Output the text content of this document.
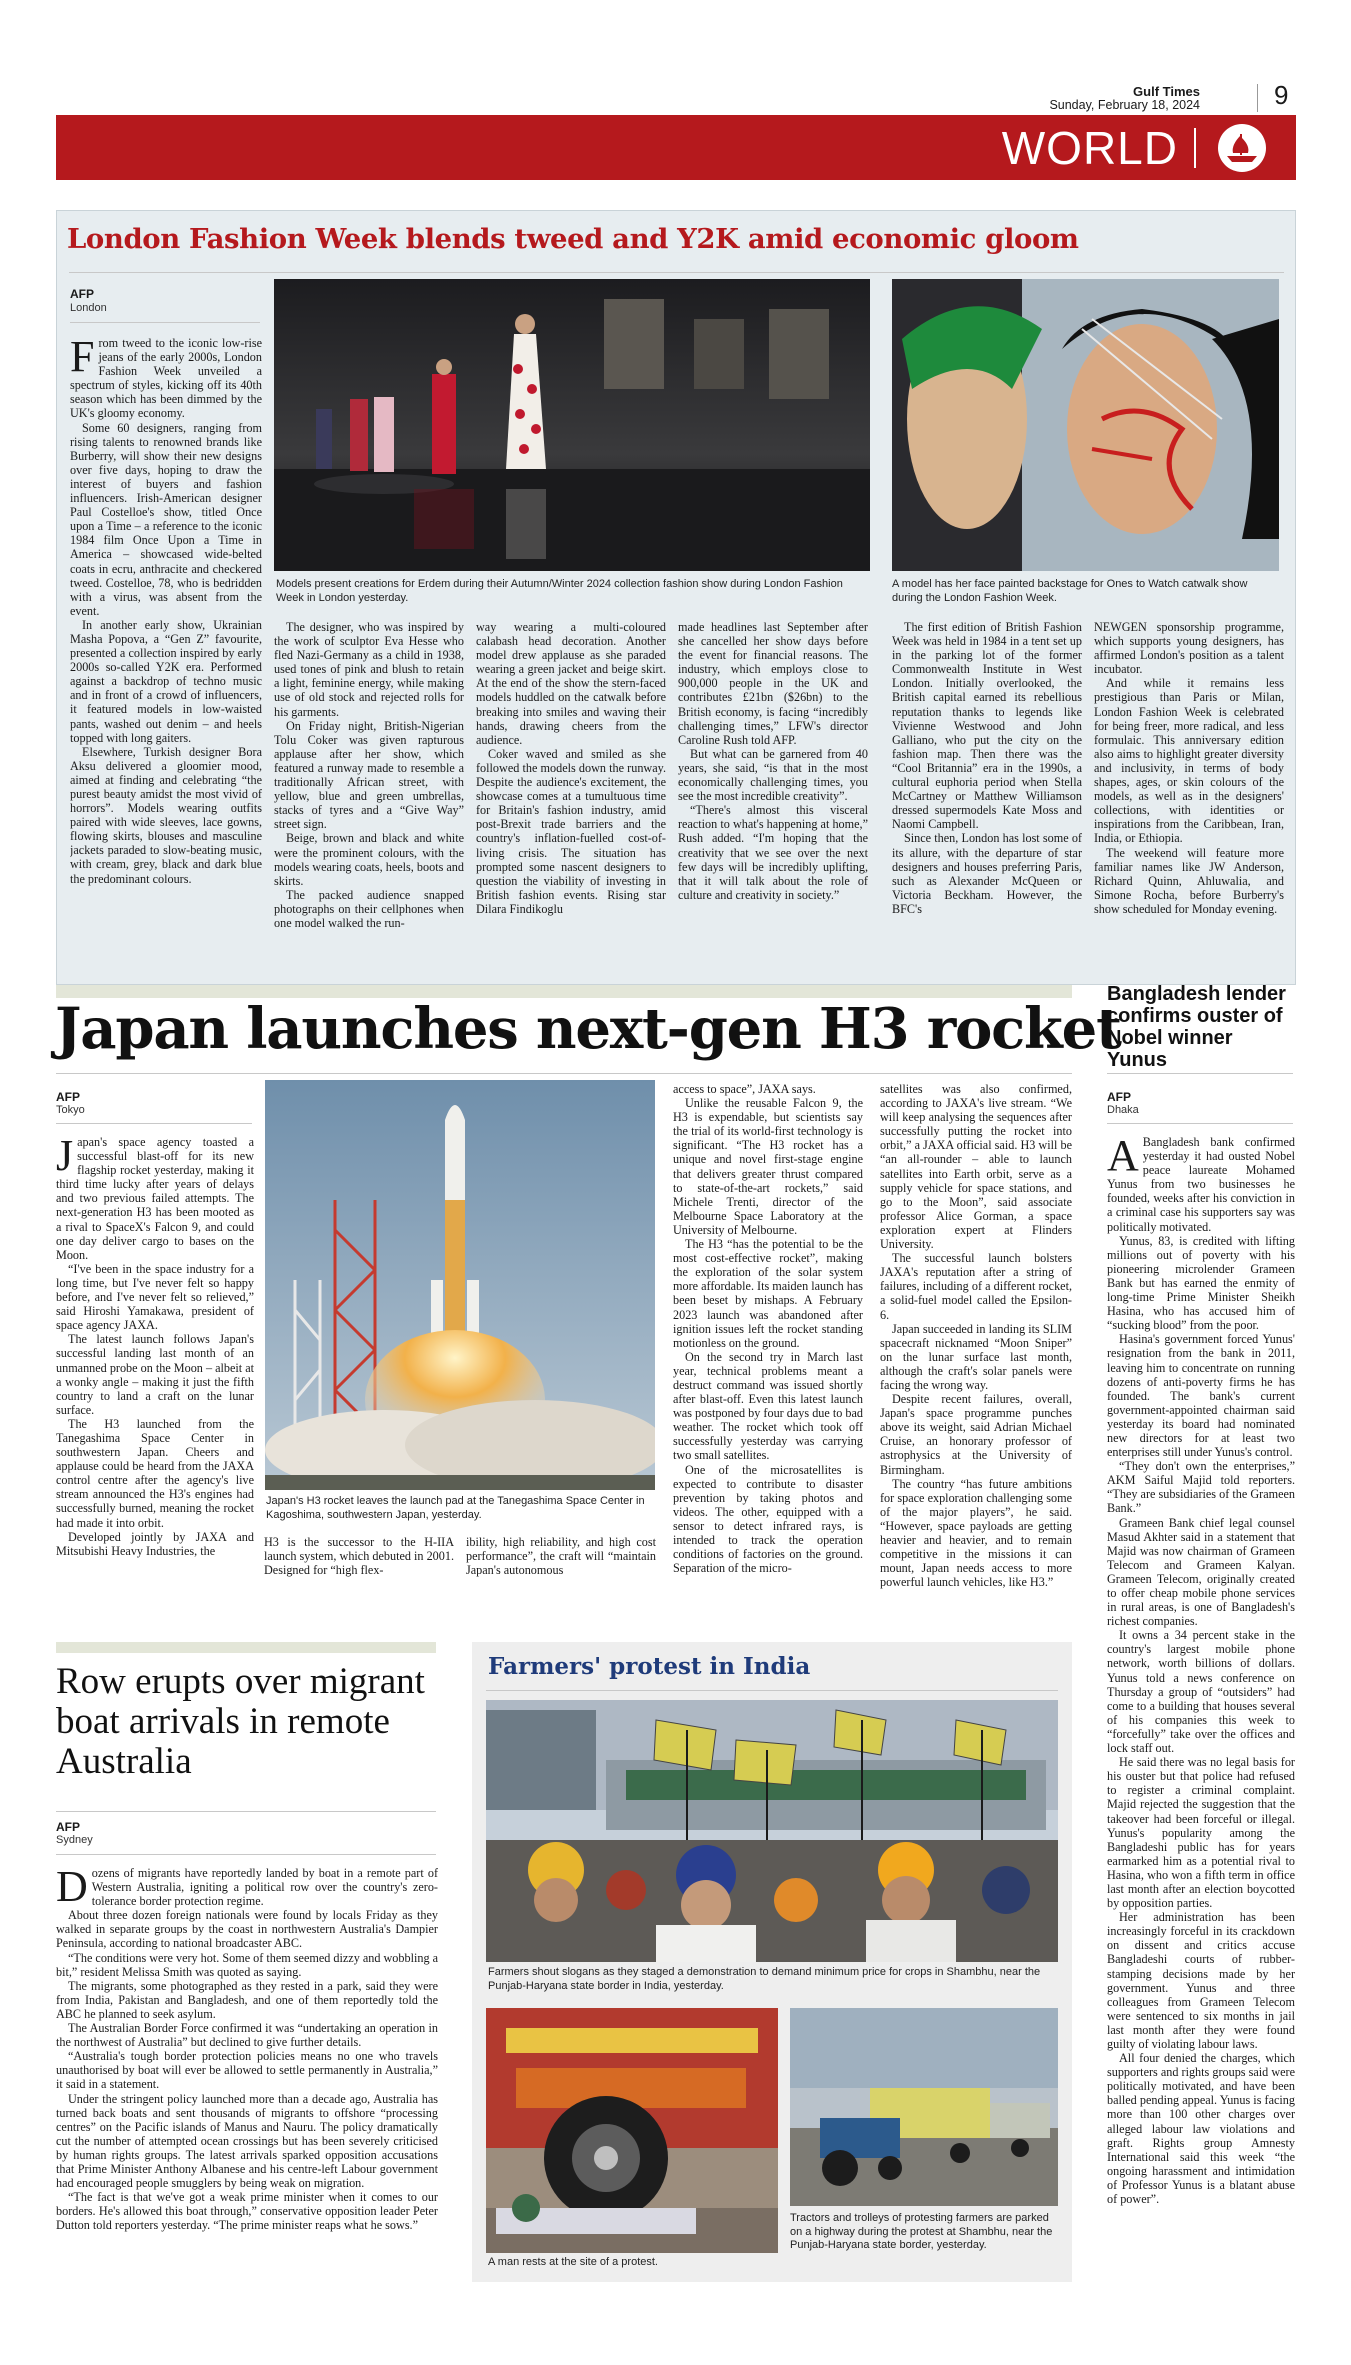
Gulf Times
Sunday, February 18, 2024	9
WORLD
London Fashion Week blends tweed and Y2K amid economic gloom
AFP
London

From tweed to the iconic low-rise jeans of the early 2000s, London Fashion Week unveiled a spectrum of styles, kicking off its 40th season which has been dimmed by the UK's gloomy economy.

Some 60 designers, ranging from rising talents to renowned brands like Burberry, will show their new designs over five days, hoping to draw the interest of buyers and fashion influencers. Irish-American designer Paul Costelloe's show, titled Once upon a Time – a reference to the iconic 1984 film Once Upon a Time in America – showcased wide-belted coats in ecru, anthracite and checkered tweed. Costelloe, 78, who is bedridden with a virus, was absent from the event.

In another early show, Ukrainian Masha Popova, a “Gen Z” favourite, presented a collection inspired by early 2000s so-called Y2K era. Performed against a backdrop of techno music and in front of a crowd of influencers, it featured models in low-waisted pants, washed out denim – and heels topped with long gaiters.

Elsewhere, Turkish designer Bora Aksu delivered a gloomier mood, aimed at finding and celebrating “the purest beauty amidst the most vivid of horrors”. Models wearing outfits paired with wide sleeves, lace gowns, flowing skirts, blouses and masculine jackets paraded to slow-beating music, with cream, grey, black and dark blue the predominant colours.

Models present creations for Erdem during their Autumn/Winter 2024 collection fashion show during London Fashion Week in London yesterday.
A model has her face painted backstage for Ones to Watch catwalk show during the London Fashion Week.

The designer, who was inspired by the work of sculptor Eva Hesse who fled Nazi-Germany as a child in 1938, used tones of pink and blush to retain a light, feminine energy, while making use of old stock and rejected rolls for his garments.

On Friday night, British-Nigerian Tolu Coker was given rapturous applause after her show, which featured a runway made to resemble a traditionally African street, with yellow, blue and green umbrellas, stacks of tyres and a “Give Way” street sign.

Beige, brown and black and white were the prominent colours, with the models wearing coats, heels, boots and skirts.

The packed audience snapped photographs on their cellphones when one model walked the run-

way wearing a multi-coloured calabash head decoration. Another model drew applause as she paraded wearing a green jacket and beige skirt. At the end of the show the stern-faced models huddled on the catwalk before breaking into smiles and waving their hands, drawing cheers from the audience.

Coker waved and smiled as she followed the models down the runway. Despite the audience's excitement, the showcase comes at a tumultuous time for Britain's fashion industry, amid post-Brexit trade barriers and the country's inflation-fuelled cost-of-living crisis. The situation has prompted some nascent designers to question the viability of investing in British fashion events. Rising star Dilara Findikoglu

made headlines last September after she cancelled her show days before the event for financial reasons. The industry, which employs close to 900,000 people in the UK and contributes £21bn ($26bn) to the British economy, is facing “incredibly challenging times,” LFW's director Caroline Rush told AFP.

But what can be garnered from 40 years, she said, “is that in the most economically challenging times, you see the most incredible creativity”.

“There's almost this visceral reaction to what's happening at home,” Rush added. “I'm hoping that the creativity that we see over the next few days will be incredibly uplifting, that it will talk about the role of culture and creativity in society.”

The first edition of British Fashion Week was held in 1984 in a tent set up in the parking lot of the former Commonwealth Institute in West London. Initially overlooked, the British capital earned its rebellious reputation thanks to legends like Vivienne Westwood and John Galliano, who put the city on the fashion map. Then there was the “Cool Britannia” era in the 1990s, a cultural euphoria period when Stella McCartney or Matthew Williamson dressed supermodels Kate Moss and Naomi Campbell.

Since then, London has lost some of its allure, with the departure of star designers and houses preferring Paris, such as Alexander McQueen or Victoria Beckham. However, the BFC's

NEWGEN sponsorship programme, which supports young designers, has affirmed London's position as a talent incubator.

And while it remains less prestigious than Paris or Milan, London Fashion Week is celebrated for being freer, more radical, and less formulaic. This anniversary edition also aims to highlight greater diversity and inclusivity, in terms of body shapes, ages, or skin colours of the models, as well as in the designers' collections, with identities or inspirations from the Caribbean, Iran, India, or Ethiopia.

The weekend will feature more familiar names like JW Anderson, Richard Quinn, Ahluwalia, and Simone Rocha, before Burberry's show scheduled for Monday evening.

Japan launches next-gen H3 rocket
AFP
Tokyo

Japan's space agency toasted a successful blast-off for its new flagship rocket yesterday, making it third time lucky after years of delays and two previous failed attempts. The next-generation H3 has been mooted as a rival to SpaceX's Falcon 9, and could one day deliver cargo to bases on the Moon.

“I've been in the space industry for a long time, but I've never felt so happy before, and I've never felt so relieved,” said Hiroshi Yamakawa, president of space agency JAXA.

The latest launch follows Japan's successful landing last month of an unmanned probe on the Moon – albeit at a wonky angle – making it just the fifth country to land a craft on the lunar surface.

The H3 launched from the Tanegashima Space Center in southwestern Japan. Cheers and applause could be heard from the JAXA control centre after the agency's live stream announced the H3's engines had successfully burned, meaning the rocket had made it into orbit.

Developed jointly by JAXA and Mitsubishi Heavy Industries, the

Japan's H3 rocket leaves the launch pad at the Tanegashima Space Center in Kagoshima, southwestern Japan, yesterday.

H3 is the successor to the H-IIA launch system, which debuted in 2001. Designed for “high flex-

ibility, high reliability, and high cost performance”, the craft will “maintain Japan's autonomous

access to space”, JAXA says.

Unlike the reusable Falcon 9, the H3 is expendable, but scientists say the trial of its world-first technology is significant. “The H3 rocket has a unique and novel first-stage engine that delivers greater thrust compared to state-of-the-art rockets,” said Michele Trenti, director of the Melbourne Space Laboratory at the University of Melbourne.

The H3 “has the potential to be the most cost-effective rocket”, making the exploration of the solar system more affordable. Its maiden launch has been beset by mishaps. A February 2023 launch was abandoned after ignition issues left the rocket standing motionless on the ground.

On the second try in March last year, technical problems meant a destruct command was issued shortly after blast-off. Even this latest launch was postponed by four days due to bad weather. The rocket which took off successfully yesterday was carrying two small satellites.

One of the microsatellites is expected to contribute to disaster prevention by taking photos and videos. The other, equipped with a sensor to detect infrared rays, is intended to track the operation conditions of factories on the ground. Separation of the micro-

satellites was also confirmed, according to JAXA's live stream. “We will keep analysing the sequences after successfully putting the rocket into orbit,” a JAXA official said. H3 will be “an all-rounder – able to launch satellites into Earth orbit, serve as a supply vehicle for space stations, and go to the Moon”, said associate professor Alice Gorman, a space exploration expert at Flinders University.

The successful launch bolsters JAXA's reputation after a string of failures, including of a different rocket, a solid-fuel model called the Epsilon-6.

Japan succeeded in landing its SLIM spacecraft nicknamed “Moon Sniper” on the lunar surface last month, although the craft's solar panels were facing the wrong way.

Despite recent failures, overall, Japan's space programme punches above its weight, said Adrian Michael Cruise, an honorary professor of astrophysics at the University of Birmingham.

The country “has future ambitions for space exploration challenging some of the major players”, he said. “However, space payloads are getting heavier and heavier, and to remain competitive in the missions it can mount, Japan needs access to more powerful launch vehicles, like H3.”

Bangladesh lender confirms ouster of Nobel winner Yunus
AFP
Dhaka

A Bangladesh bank confirmed yesterday it had ousted Nobel peace laureate Mohamed Yunus from two businesses he founded, weeks after his conviction in a criminal case his supporters say was politically motivated.

Yunus, 83, is credited with lifting millions out of poverty with his pioneering microlender Grameen Bank but has earned the enmity of long-time Prime Minister Sheikh Hasina, who has accused him of “sucking blood” from the poor.

Hasina's government forced Yunus' resignation from the bank in 2011, leaving him to concentrate on running dozens of anti-poverty firms he has founded. The bank's current government-appointed chairman said yesterday its board had nominated new directors for at least two enterprises still under Yunus's control.

“They don't own the enterprises,” AKM Saiful Majid told reporters. “They are subsidiaries of the Grameen Bank.”

Grameen Bank chief legal counsel Masud Akhter said in a statement that Majid was now chairman of Grameen Telecom and Grameen Kalyan. Grameen Telecom, originally created to offer cheap mobile phone services in rural areas, is one of Bangladesh's richest companies.

It owns a 34 percent stake in the country's largest mobile phone network, worth billions of dollars. Yunus told a news conference on Thursday a group of “outsiders” had come to a building that houses several of his companies this week to “forcefully” take over the offices and lock staff out.

He said there was no legal basis for his ouster but that police had refused to register a criminal complaint. Majid rejected the suggestion that the takeover had been forceful or illegal. Yunus's popularity among the Bangladeshi public has for years earmarked him as a potential rival to Hasina, who won a fifth term in office last month after an election boycotted by opposition parties.

Her administration has been increasingly forceful in its crackdown on dissent and critics accuse Bangladeshi courts of rubber-stamping decisions made by her government. Yunus and three colleagues from Grameen Telecom were sentenced to six months in jail last month after they were found guilty of violating labour laws.

All four denied the charges, which supporters and rights groups said were politically motivated, and have been balled pending appeal. Yunus is facing more than 100 other charges over alleged labour law violations and graft. Rights group Amnesty International said this week “the ongoing harassment and intimidation of Professor Yunus is a blatant abuse of power”.

Row erupts over migrant boat arrivals in remote Australia
AFP
Sydney

Dozens of migrants have reportedly landed by boat in a remote part of Western Australia, igniting a political row over the country's zero-tolerance border protection regime.

About three dozen foreign nationals were found by locals Friday as they walked in separate groups by the coast in northwestern Australia's Dampier Peninsula, according to national broadcaster ABC.

“The conditions were very hot. Some of them seemed dizzy and wobbling a bit,” resident Melissa Smith was quoted as saying.

The migrants, some photographed as they rested in a park, said they were from India, Pakistan and Bangladesh, and one of them reportedly told the ABC he planned to seek asylum.

The Australian Border Force confirmed it was “undertaking an operation in the northwest of Australia” but declined to give further details.

“Australia's tough border protection policies means no one who travels unauthorised by boat will ever be allowed to settle permanently in Australia,” it said in a statement.

Under the stringent policy launched more than a decade ago, Australia has turned back boats and sent thousands of migrants to offshore “processing centres” on the Pacific islands of Manus and Nauru. The policy dramatically cut the number of attempted ocean crossings but has been severely criticised by human rights groups. The latest arrivals sparked opposition accusations that Prime Minister Anthony Albanese and his centre-left Labour government had encouraged people smugglers by being weak on migration.

“The fact is that we've got a weak prime minister when it comes to our borders. He's allowed this boat through,” conservative opposition leader Peter Dutton told reporters yesterday. “The prime minister reaps what he sows.”

Farmers' protest in India
Farmers shout slogans as they staged a demonstration to demand minimum price for crops in Shambhu, near the Punjab-Haryana state border in India, yesterday.
A man rests at the site of a protest.
Tractors and trolleys of protesting farmers are parked on a highway during the protest at Shambhu, near the Punjab-Haryana state border, yesterday.
